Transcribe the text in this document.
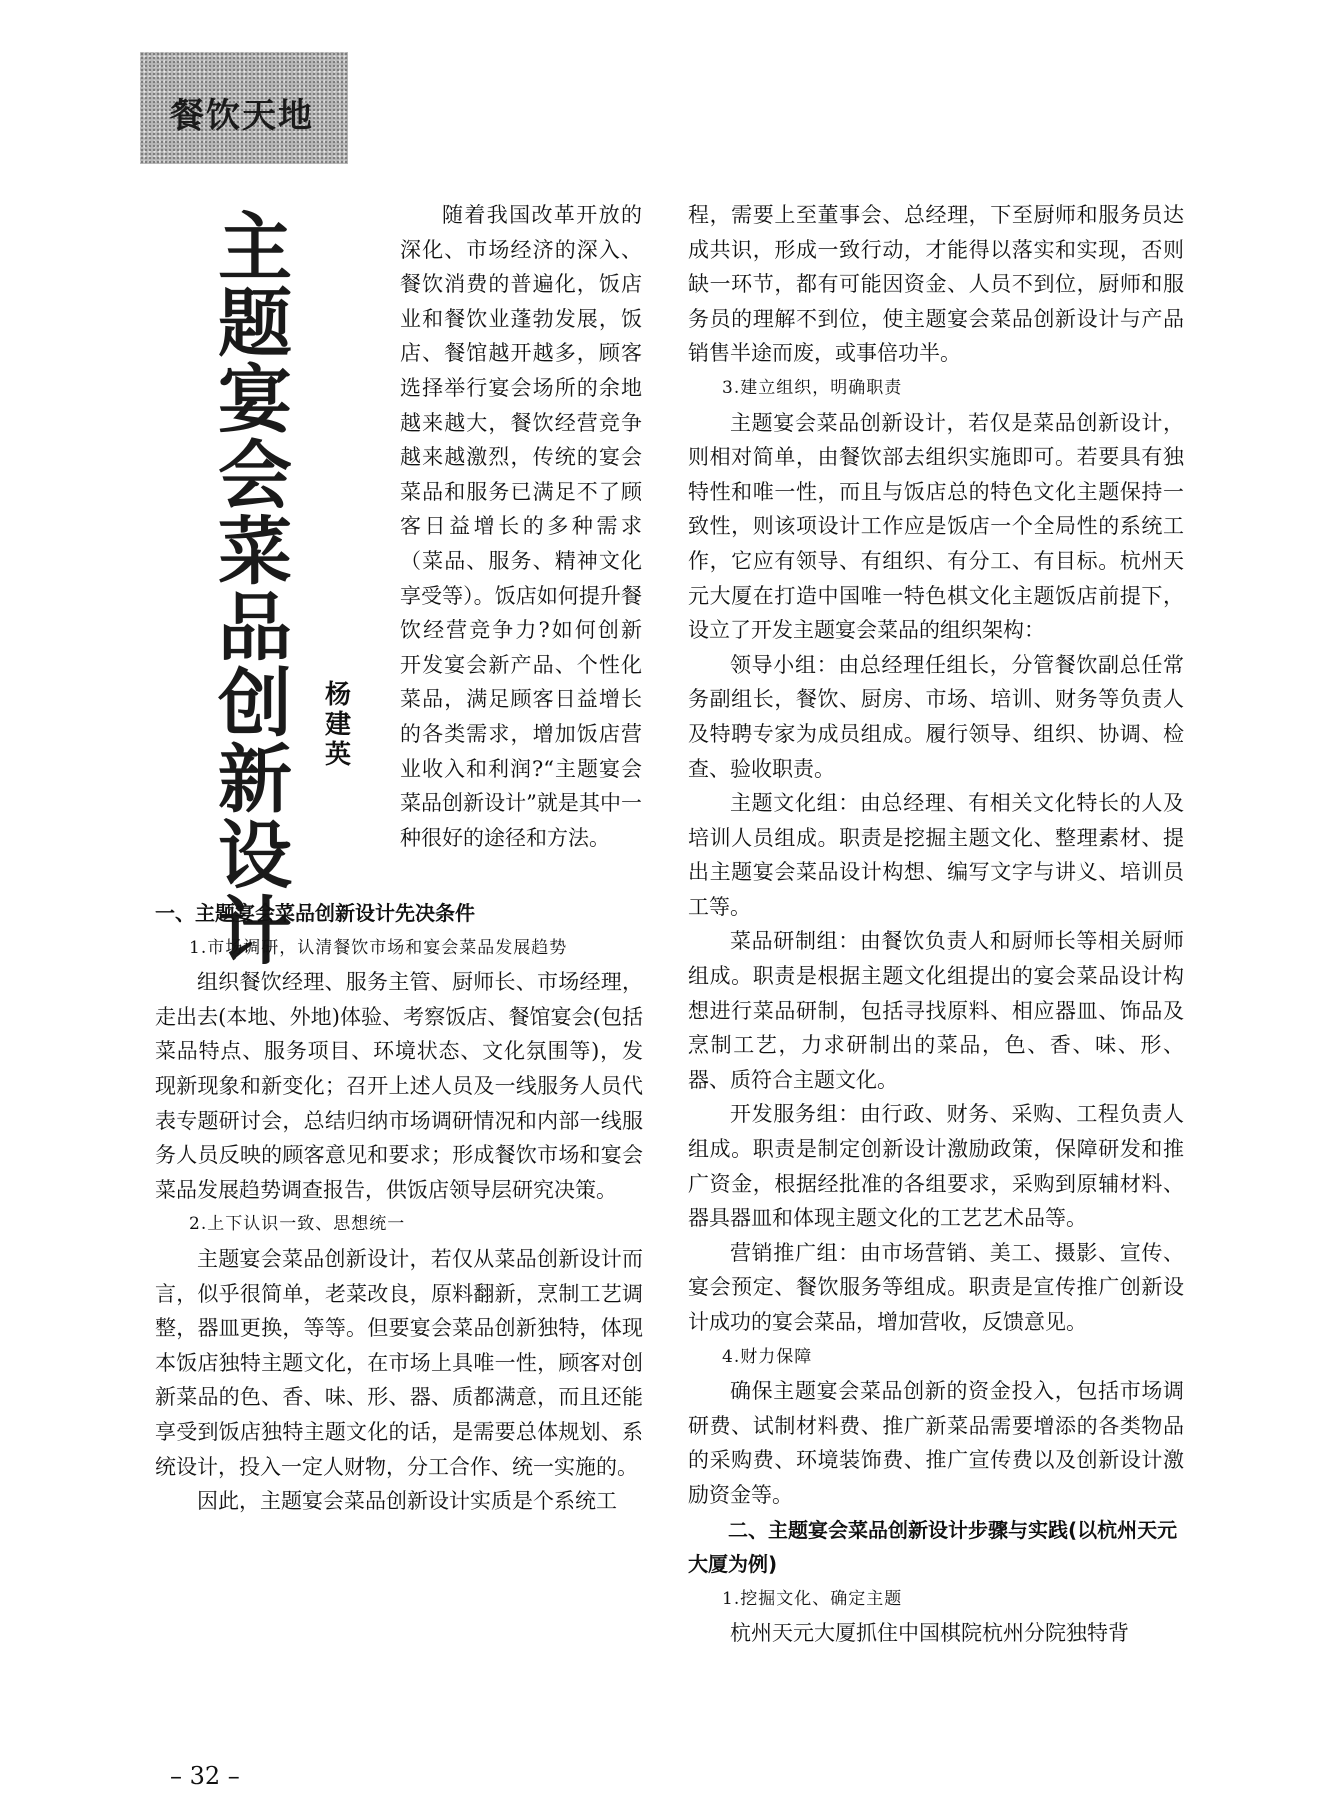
餐饮天地
主
题
宴
会
菜
品
创
新
设
计
杨
建
英

随着我国改革开放的深化、市场经济的深入、餐饮消费的普遍化，饭店业和餐饮业蓬勃发展，饭店、餐馆越开越多，顾客选择举行宴会场所的余地越来越大，餐饮经营竞争越来越激烈，传统的宴会菜品和服务已满足不了顾客日益增长的多种需求（菜品、服务、精神文化享受等）。饭店如何提升餐饮经营竞争力?如何创新开发宴会新产品、个性化菜品，满足顾客日益增长的各类需求，增加饭店营业收入和利润?“主题宴会菜品创新设计”就是其中一种很好的途径和方法。

一、主题宴会菜品创新设计先决条件

1.市场调研，认清餐饮市场和宴会菜品发展趋势

组织餐饮经理、服务主管、厨师长、市场经理，走出去(本地、外地)体验、考察饭店、餐馆宴会(包括菜品特点、服务项目、环境状态、文化氛围等)，发现新现象和新变化；召开上述人员及一线服务人员代表专题研讨会，总结归纳市场调研情况和内部一线服务人员反映的顾客意见和要求；形成餐饮市场和宴会菜品发展趋势调查报告，供饭店领导层研究决策。

2.上下认识一致、思想统一

主题宴会菜品创新设计，若仅从菜品创新设计而言，似乎很简单，老菜改良，原料翻新，烹制工艺调整，器皿更换，等等。但要宴会菜品创新独特，体现本饭店独特主题文化，在市场上具唯一性，顾客对创新菜品的色、香、味、形、器、质都满意，而且还能享受到饭店独特主题文化的话，是需要总体规划、系统设计，投入一定人财物，分工合作、统一实施的。

因此，主题宴会菜品创新设计实质是个系统工

程，需要上至董事会、总经理，下至厨师和服务员达成共识，形成一致行动，才能得以落实和实现，否则缺一环节，都有可能因资金、人员不到位，厨师和服务员的理解不到位，使主题宴会菜品创新设计与产品销售半途而废，或事倍功半。

3.建立组织，明确职责

主题宴会菜品创新设计，若仅是菜品创新设计，则相对简单，由餐饮部去组织实施即可。若要具有独特性和唯一性，而且与饭店总的特色文化主题保持一致性，则该项设计工作应是饭店一个全局性的系统工作，它应有领导、有组织、有分工、有目标。杭州天元大厦在打造中国唯一特色棋文化主题饭店前提下，设立了开发主题宴会菜品的组织架构：

领导小组：由总经理任组长，分管餐饮副总任常务副组长，餐饮、厨房、市场、培训、财务等负责人及特聘专家为成员组成。履行领导、组织、协调、检查、验收职责。

主题文化组：由总经理、有相关文化特长的人及培训人员组成。职责是挖掘主题文化、整理素材、提出主题宴会菜品设计构想、编写文字与讲义、培训员工等。

菜品研制组：由餐饮负责人和厨师长等相关厨师组成。职责是根据主题文化组提出的宴会菜品设计构想进行菜品研制，包括寻找原料、相应器皿、饰品及烹制工艺，力求研制出的菜品，色、香、味、形、器、质符合主题文化。

开发服务组：由行政、财务、采购、工程负责人组成。职责是制定创新设计激励政策，保障研发和推广资金，根据经批准的各组要求，采购到原辅材料、器具器皿和体现主题文化的工艺艺术品等。

营销推广组：由市场营销、美工、摄影、宣传、宴会预定、餐饮服务等组成。职责是宣传推广创新设计成功的宴会菜品，增加营收，反馈意见。

4.财力保障

确保主题宴会菜品创新的资金投入，包括市场调研费、试制材料费、推广新菜品需要增添的各类物品的采购费、环境装饰费、推广宣传费以及创新设计激励资金等。

二、主题宴会菜品创新设计步骤与实践(以杭州天元大厦为例)

1.挖掘文化、确定主题

杭州天元大厦抓住中国棋院杭州分院独特背

– 32 –
